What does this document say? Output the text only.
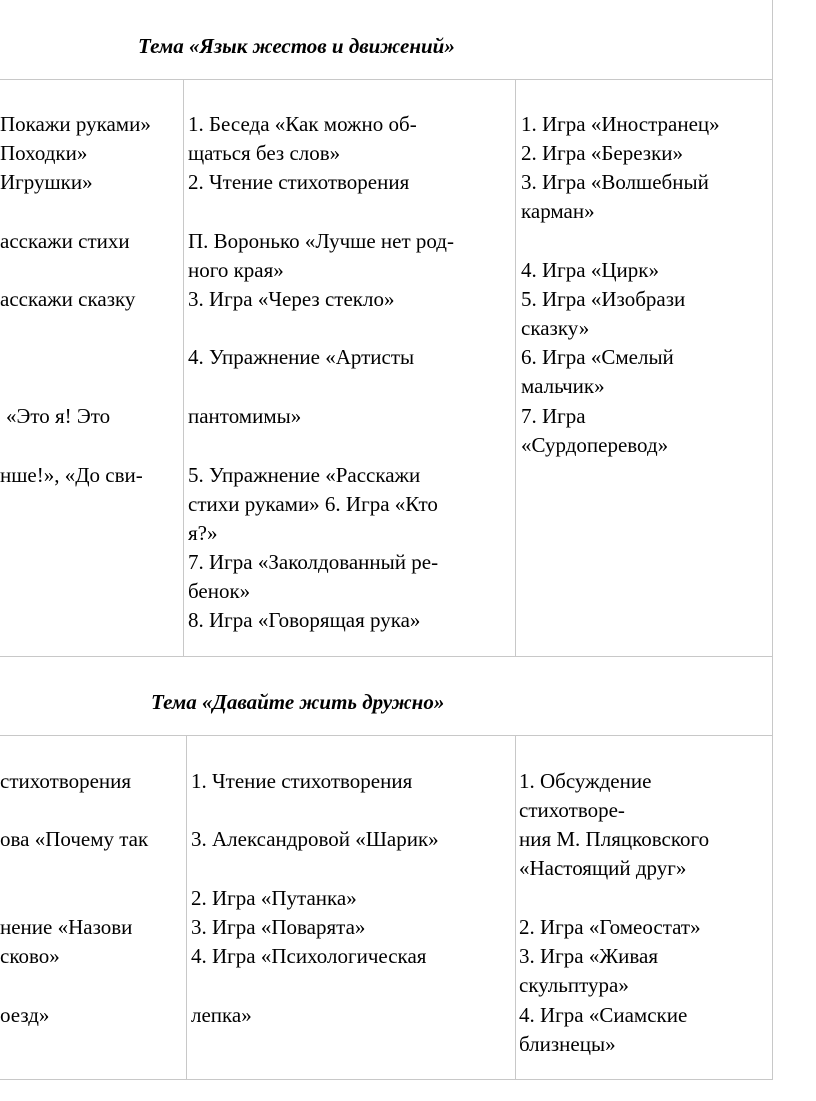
Тема «Язык жестов и движений»
Покажи руками»
Походки»
Игрушки»
асскажи стихи
асскажи сказку
«Это я! Это
нше!», «До сви-
1. Беседа «Как можно об-
щаться без слов»
2. Чтение стихотворения
П. Воронько «Лучше нет род-
ного края»
3. Игра «Через стекло»
4. Упражнение «Артисты
пантомимы»
5. Упражнение «Расскажи
стихи руками» 6. Игра «Кто
я?»
7. Игра «Заколдованный ре-
бенок»
8. Игра «Говорящая рука»
1. Игра «Иностранец»
2. Игра «Березки»
3. Игра «Волшебный
карман»
4. Игра «Цирк»
5. Игра «Изобрази
сказку»
6. Игра «Смелый
мальчик»
7. Игра
«Сурдоперевод»
Тема «Давайте жить дружно»
стихотворения
ова «Почему так
нение «Назови
сково»
оезд»
1. Чтение стихотворения
3. Александровой «Шарик»
2. Игра «Путанка»
3. Игра «Поварята»
4. Игра «Психологическая
лепка»
1. Обсуждение
стихотворе-
ния М. Пляцковского
«Настоящий друг»
2. Игра «Гомеостат»
3. Игра «Живая
скульптура»
4. Игра «Сиамские
близнецы»
